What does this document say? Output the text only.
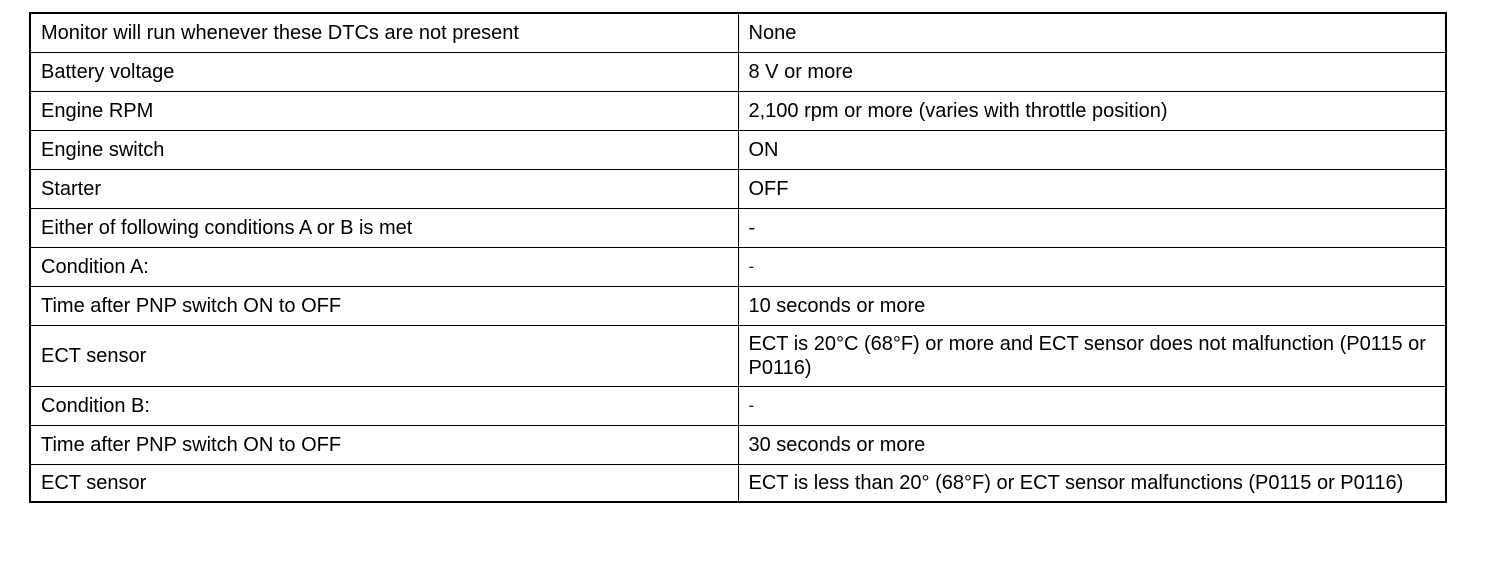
Monitor will run whenever these DTCs are not present	None
Battery voltage	8 V or more
Engine RPM	2,100 rpm or more (varies with throttle position)
Engine switch	ON
Starter	OFF
Either of following conditions A or B is met	-
Condition A:	-
Time after PNP switch ON to OFF	10 seconds or more
ECT sensor	ECT is 20°C (68°F) or more and ECT sensor does not malfunction (P0115 or P0116)
Condition B:	-
Time after PNP switch ON to OFF	30 seconds or more
ECT sensor	ECT is less than 20° (68°F) or ECT sensor malfunctions (P0115 or P0116)
